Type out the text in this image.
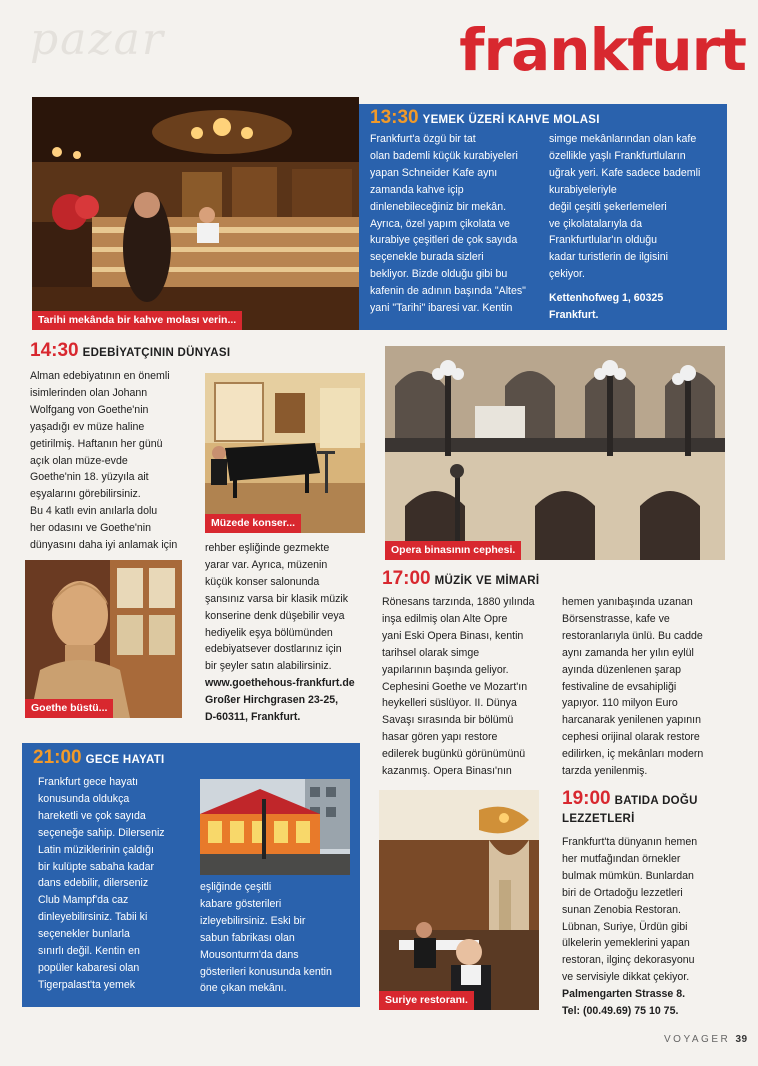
pazar	frankfurt
Tarihi mekânda bir kahve molası verin...
13:30 YEMEK ÜZERİ KAHVE MOLASI
Frankfurt'a özgü bir tat
olan bademli küçük kurabiyeleri
yapan Schneider Kafe aynı
zamanda kahve içip
dinlenebileceğiniz bir mekân.
Ayrıca, özel yapım çikolata ve
kurabiye çeşitleri de çok sayıda
seçenekle burada sizleri
bekliyor. Bizde olduğu gibi bu
kafenin de adının başında "Altes"
yani "Tarihi" ibaresi var. Kentin
simge mekânlarından olan kafe
özellikle yaşlı Frankfurtluların
uğrak yeri. Kafe sadece bademli
kurabiyeleriyle
değil çeşitli şekerlemeleri
ve çikolatalarıyla da
Frankfurtlular'ın olduğu
kadar turistlerin de ilgisini
çekiyor.
Kettenhofweg 1, 60325
Frankfurt.
14:30 EDEBİYATÇININ DÜNYASI
Alman edebiyatının en önemli
isimlerinden olan Johann
Wolfgang von Goethe'nin
yaşadığı ev müze haline
getirilmiş. Haftanın her günü
açık olan müze-evde
Goethe'nin 18. yüzyıla ait
eşyalarını görebilirsiniz.
Bu 4 katlı evin anılarla dolu
her odasını ve Goethe'nin
dünyasını daha iyi anlamak için
Müzede konser...
rehber eşliğinde gezmekte
yarar var. Ayrıca, müzenin
küçük konser salonunda
şansınız varsa bir klasik müzik
konserine denk düşebilir veya
hediyelik eşya bölümünden
edebiyatsever dostlarınız için
bir şeyler satın alabilirsiniz.
www.goethehous-frankfurt.de
Großer Hirchgrasen 23-25,
D-60311, Frankfurt.
Goethe büstü...
Opera binasının cephesi.
17:00 MÜZİK VE MİMARİ
Rönesans tarzında, 1880 yılında
inşa edilmiş olan Alte Opre
yani Eski Opera Binası, kentin
tarihsel olarak simge
yapılarının başında geliyor.
Cephesini Goethe ve Mozart'ın
heykelleri süslüyor. II. Dünya
Savaşı sırasında bir bölümü
hasar gören yapı restore
edilerek bugünkü görünümünü
kazanmış. Opera Binası'nın
hemen yanıbaşında uzanan
Börsenstrasse, kafe ve
restoranlarıyla ünlü. Bu cadde
aynı zamanda her yılın eylül
ayında düzenlenen şarap
festivaline de evsahipliği
yapıyor. 110 milyon Euro
harcanarak yenilenen yapının
cephesi orijinal olarak restore
edilirken, iç mekânları modern
tarzda yenilenmiş.
21:00 GECE HAYATI
Frankfurt gece hayatı
konusunda oldukça
hareketli ve çok sayıda
seçeneğe sahip. Dilerseniz
Latin müziklerinin çaldığı
bir kulüpte sabaha kadar
dans edebilir, dilerseniz
Club Mampf'da caz
dinleyebilirsiniz. Tabii ki
seçenekler bunlarla
sınırlı değil. Kentin en
popüler kabaresi olan
Tigerpalast'ta yemek
eşliğinde çeşitli
kabare gösterileri
izleyebilirsiniz. Eski bir
sabun fabrikası olan
Mousonturm'da dans
gösterileri konusunda kentin
öne çıkan mekânı.
Suriye restoranı.
19:00 BATIDA DOĞU
LEZZETLERİ
Frankfurt'ta dünyanın hemen
her mutfağından örnekler
bulmak mümkün. Bunlardan
biri de Ortadoğu lezzetleri
sunan Zenobia Restoran.
Lübnan, Suriye, Ürdün gibi
ülkelerin yemeklerini yapan
restoran, ilginç dekorasyonu
ve servisiyle dikkat çekiyor.
Palmengarten Strasse 8.
Tel: (00.49.69) 75 10 75.
VOYAGER 39
